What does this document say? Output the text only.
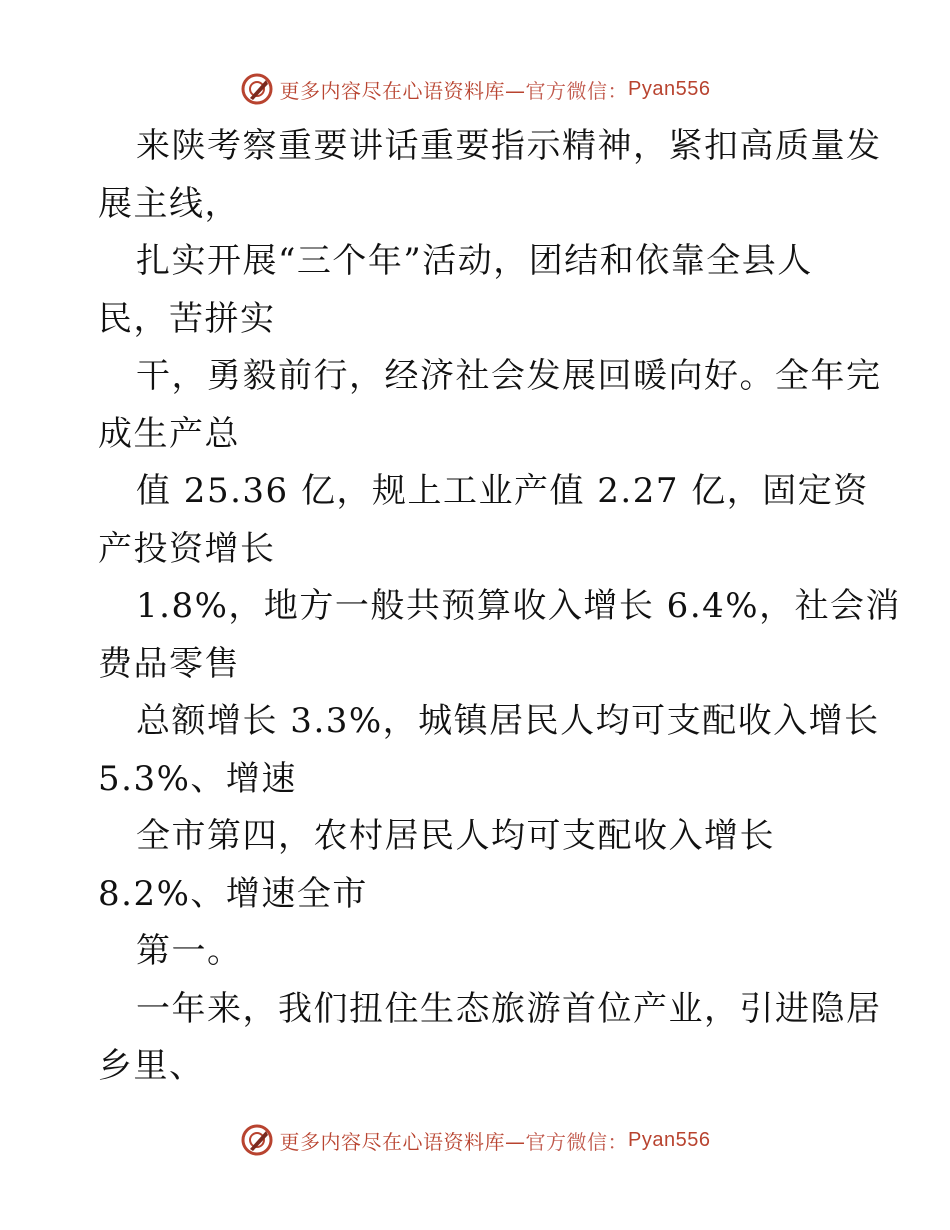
更多内容尽在心语资料库— 官方微信： Pyan556
来陕考察重要讲话重要指示精神，紧扣高质量发
展主线，
扎实开展“三个年”活动，团结和依靠全县人
民，苦拼实
干，勇毅前行，经济社会发展回暖向好。全年完
成生产总
值 25.36 亿，规上工业产值 2.27 亿，固定资
产投资增长
1.8%，地方一般共预算收入增长 6.4%，社会消
费品零售
总额增长 3.3%，城镇居民人均可支配收入增长
5.3%、增速
全市第四，农村居民人均可支配收入增长
8.2%、增速全市
第一。
一年来，我们扭住生态旅游首位产业，引进隐居
乡里、
更多内容尽在心语资料库— 官方微信： Pyan556
